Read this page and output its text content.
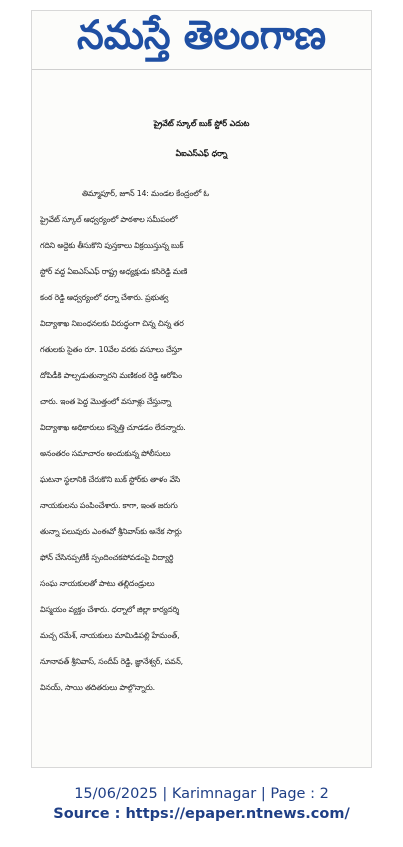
నమస్తే తెలంగాణ
ప్రైవేట్ స్కూల్ బుక్ స్టోర్ ఎదుట
ఏఐఎస్ఎఫ్ ధర్నా
తిమ్మాపూర్, జూన్ 14: మండల కేంద్రంలో ఓ
ప్రైవేట్ స్కూల్ ఆధ్వర్యంలో పాఠశాల సమీపంలో
గదిని అద్దెకు తీసుకొని పుస్తకాలు విక్రయిస్తున్న బుక్
స్టోర్ వద్ద ఏఐఎస్ఎఫ్ రాష్ట్ర అధ్యక్షుడు కసిరెడ్డి మణి
కంఠ రెడ్డి ఆధ్వర్యంలో ధర్నా చేశారు. ప్రభుత్వ
విద్యాశాఖ నిబంధనలకు విరుద్ధంగా చిన్న చిన్న తర
గతులకు సైతం రూ. 10వేల వరకు వసూలు చేస్తూ
దోపిడీకి పాల్పడుతున్నారని మణికంఠ రెడ్డి ఆరోపిం
చారు. ఇంత పెద్ద మొత్తంలో వసూళ్లు చేస్తున్నా
విద్యాశాఖ అధికారులు కన్నెత్తి చూడడం లేదన్నారు.
అనంతరం సమాచారం అందుకున్న పోలీసులు
ఘటనా స్థలానికి చేరుకొని బుక్ స్టోర్‌కు తాళం వేసి
నాయకులను పంపించేశారు. కాగా, ఇంత జరుగు
తున్నా పలువురు ఎంఈవో శ్రీనివాస్‌కు అనేక సార్లు
ఫోన్ చేసినప్పటికీ స్పందించకపోవడంపై విద్యార్థి
సంఘ నాయకులతో పాటు తల్లిదండ్రులు
విస్మయం వ్యక్తం చేశారు. ధర్నాలో జిల్లా కార్యదర్శి
మచ్చ రమేశ్, నాయకులు మామిడిపల్లి హేమంత్,
నూనావత్ శ్రీనివాస్, సందీప్ రెడ్డి, జ్ఞానేశ్వర్, పవన్,
వినయ్, సాయి తదితరులు పాల్గొన్నారు.
15/06/2025 | Karimnagar | Page : 2
Source : https://epaper.ntnews.com/
